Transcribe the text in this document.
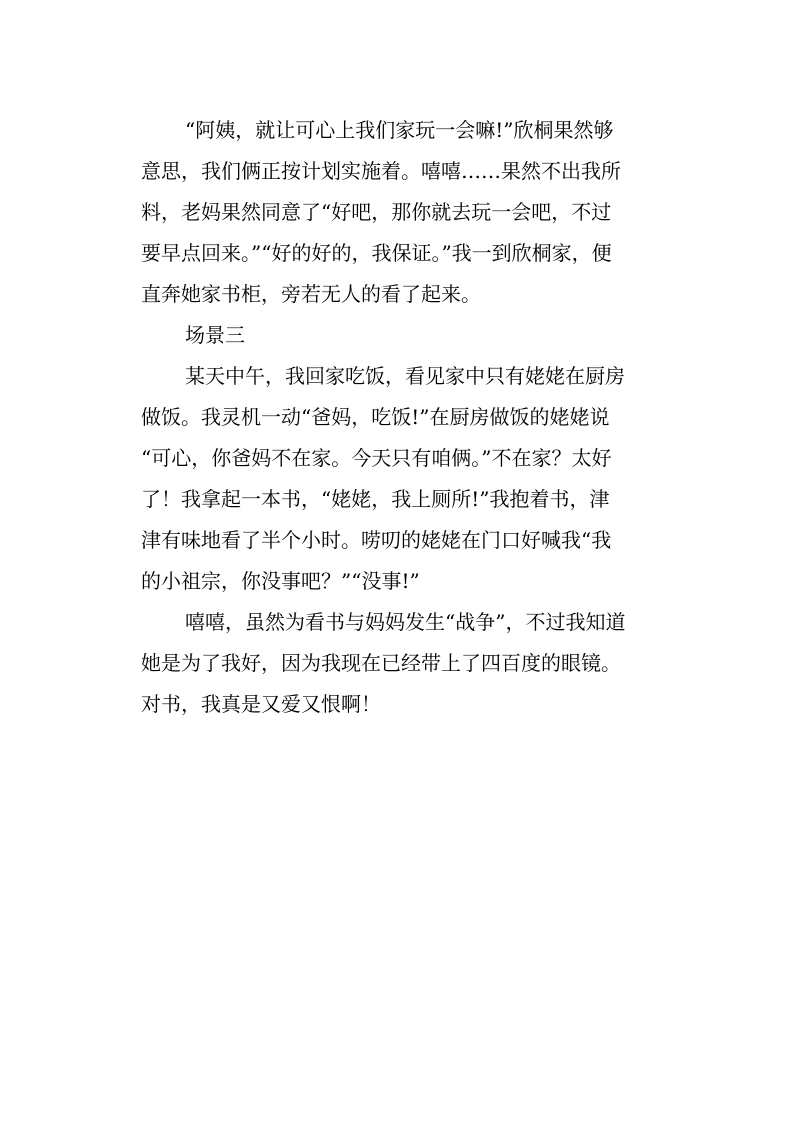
“阿姨，就让可心上我们家玩一会嘛!”欣桐果然够
意思，我们俩正按计划实施着。嘻嘻……果然不出我所
料，老妈果然同意了“好吧，那你就去玩一会吧，不过
要早点回来。”“好的好的，我保证。”我一到欣桐家，便
直奔她家书柜，旁若无人的看了起来。
场景三
某天中午，我回家吃饭，看见家中只有姥姥在厨房
做饭。我灵机一动“爸妈，吃饭!”在厨房做饭的姥姥说
“可心，你爸妈不在家。今天只有咱俩。”不在家？太好
了！我拿起一本书，“姥姥，我上厕所!”我抱着书，津
津有味地看了半个小时。唠叨的姥姥在门口好喊我“我
的小祖宗，你没事吧？”“没事!”
嘻嘻，虽然为看书与妈妈发生“战争”，不过我知道
她是为了我好，因为我现在已经带上了四百度的眼镜。
对书，我真是又爱又恨啊！
